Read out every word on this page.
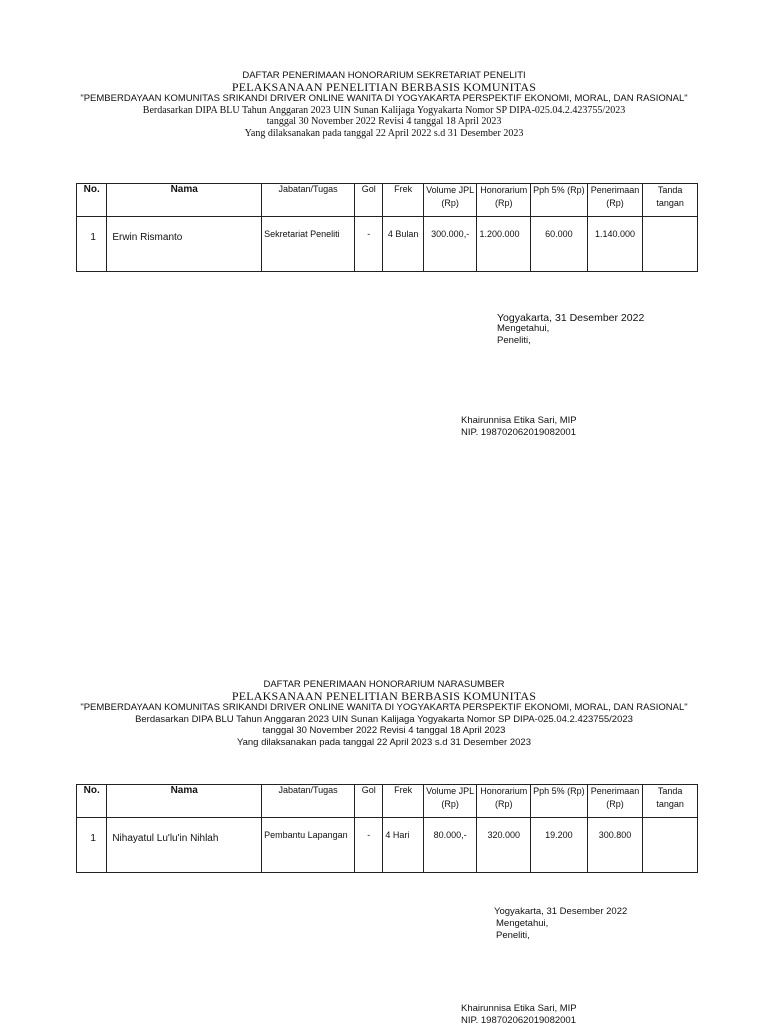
DAFTAR PENERIMAAN HONORARIUM SEKRETARIAT PENELITI
PELAKSANAAN PENELITIAN BERBASIS KOMUNITAS
"PEMBERDAYAAN KOMUNITAS SRIKANDI DRIVER ONLINE WANITA DI YOGYAKARTA PERSPEKTIF EKONOMI, MORAL, DAN RASIONAL"
Berdasarkan DIPA BLU Tahun Anggaran 2023 UIN Sunan Kalijaga Yogyakarta Nomor SP DIPA-025.04.2.423755/2023
tanggal 30 November 2022 Revisi 4 tanggal 18 April 2023
Yang dilaksanakan pada tanggal 22 April 2022 s.d 31 Desember 2023
No.	Nama	Jabatan/Tugas	Gol	Frek	Volume JPL (Rp)	Honorarium (Rp)	Pph 5% (Rp)	Penerimaan (Rp)	Tanda tangan
1	Erwin Rismanto	Sekretariat Peneliti	-	4 Bulan	300.000,-	1.200.000	60.000	1.140.000	
Yogyakarta, 31 Desember 2022
Mengetahui,
Peneliti,
Khairunnisa Etika Sari, MIP
NIP. 198702062019082001
DAFTAR PENERIMAAN HONORARIUM NARASUMBER
PELAKSANAAN PENELITIAN BERBASIS KOMUNITAS
"PEMBERDAYAAN KOMUNITAS SRIKANDI DRIVER ONLINE WANITA DI YOGYAKARTA PERSPEKTIF EKONOMI, MORAL, DAN RASIONAL"
Berdasarkan DIPA BLU Tahun Anggaran 2023 UIN Sunan Kalijaga Yogyakarta Nomor SP DIPA-025.04.2.423755/2023
tanggal 30 November 2022 Revisi 4 tanggal 18 April 2023
Yang dilaksanakan pada tanggal 22 April 2023 s.d 31 Desember 2023
No.	Nama	Jabatan/Tugas	Gol	Frek	Volume JPL (Rp)	Honorarium (Rp)	Pph 5% (Rp)	Penerimaan (Rp)	Tanda tangan
1	Nihayatul Lu'lu'in Nihlah	Pembantu Lapangan	-	4 Hari	80.000,-	320.000	19.200	300.800	
Yogyakarta, 31 Desember 2022
Mengetahui,
Peneliti,
Khairunnisa Etika Sari, MIP
NIP. 198702062019082001
